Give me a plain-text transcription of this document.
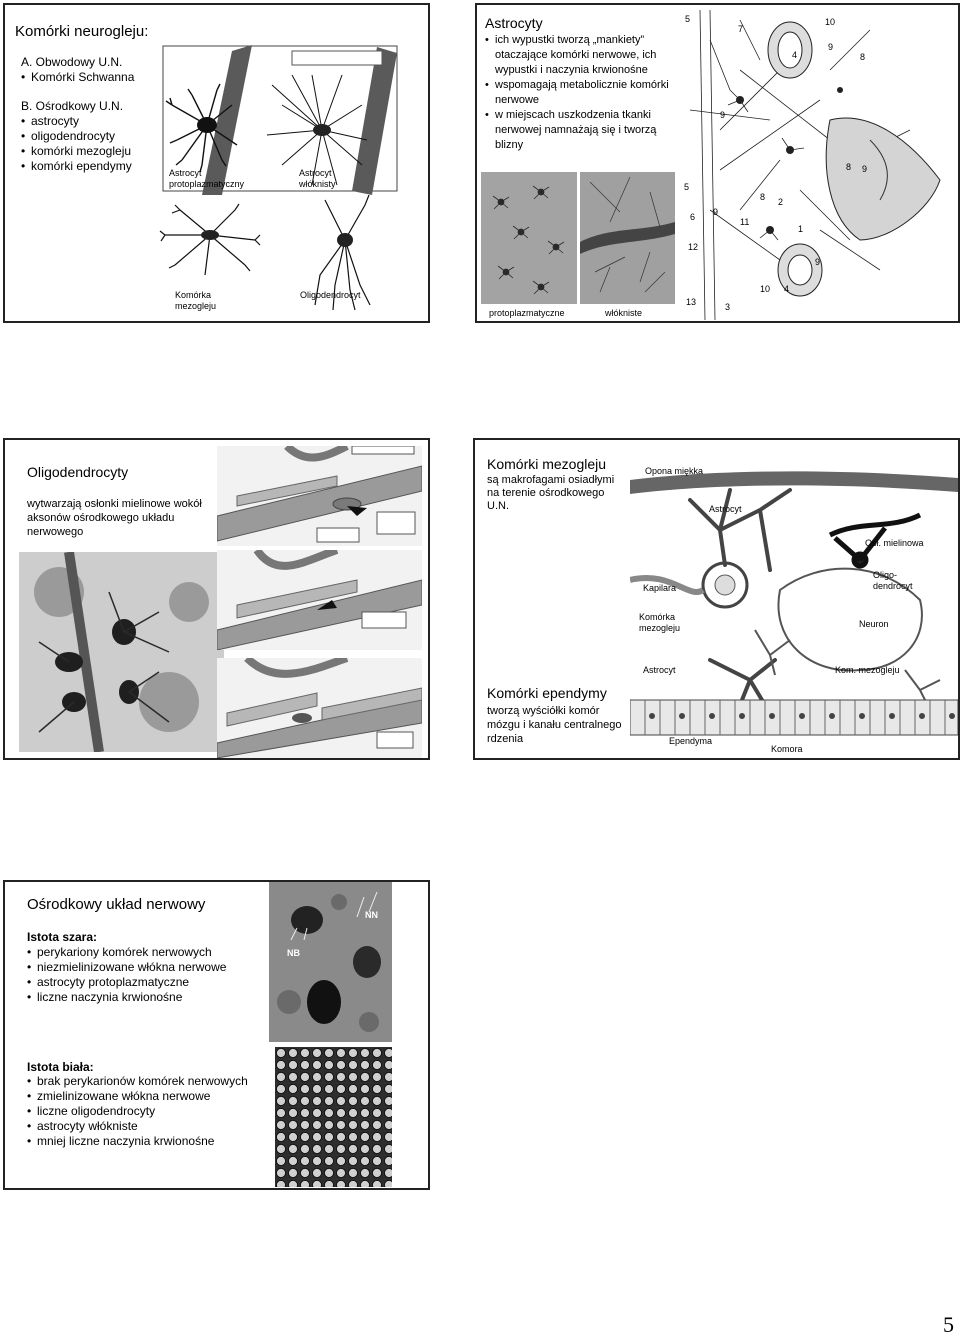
Komórki neurogleju:
A. Obwodowy U.N.
• Komórki Schwanna
B. Ośrodkowy U.N.
• astrocyty
• oligodendrocyty
• komórki mezogleju
• komórki ependymy	Astrocyt
protoplazmatyczny
Astrocyt
włóknisty
Komórka
mezogleju
Oligodendrocyt
Astrocyty
• ich wypustki tworzą „mankiety” otaczające komórki nerwowe, ich wypustki i naczynia krwionośne
• wspomagają metabolicznie komórki nerwowe
• w miejscach uszkodzenia tkanki nerwowej namnażają się i tworzą blizny
protoplazmatyczne	włókniste
5
7
10
9
4	8
9
8 9
5
6 9
12
1
2
10 4
3
13
9
11
8
Oligodendrocyty
wytwarzają osłonki mielinowe wokół aksonów ośrodkowego układu nerwowego
Komórki mezogleju
są makrofagami osiadłymi na terenie ośrodkowego U.N.
Komórki ependymy
tworzą wyściółki komór mózgu i kanału centralnego rdzenia
Opona miękka
Astrocyt
Osł. mielinowa
Kapilara
Oligo-
dendrocyt
Komórka
mezogleju	Neuron
Astrocyt	Kom. mezogleju
Ependyma
Komora
Ośrodkowy układ nerwowy
Istota szara:
• perykariony komórek nerwowych
• niezmielinizowane włókna nerwowe
• astrocyty protoplazmatyczne
• liczne naczynia krwionośne
Istota biała:
• brak perykarionów komórek nerwowych
• zmielinizowane włókna nerwowe
• liczne oligodendrocyty
• astrocyty włókniste
• mniej liczne naczynia krwionośne
NN
NB
5
